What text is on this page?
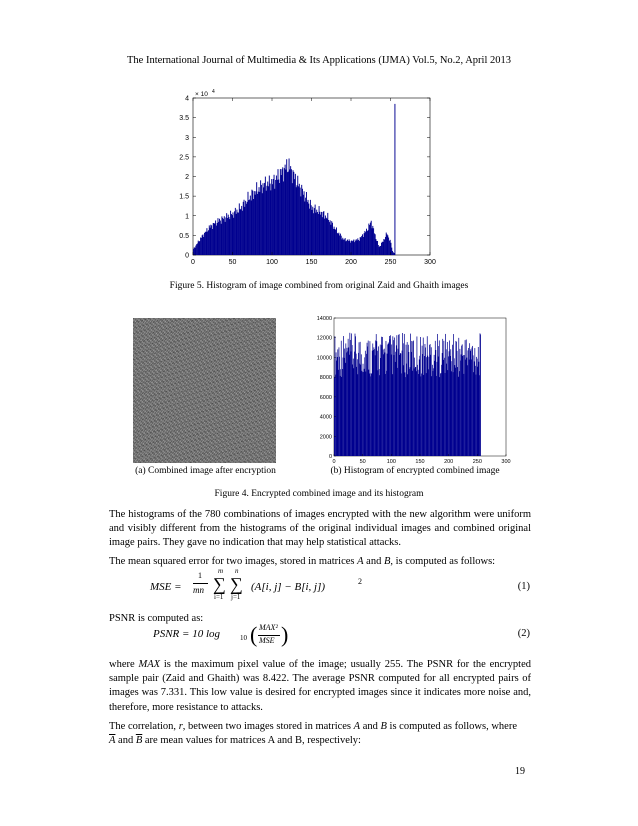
The International Journal of Multimedia & Its Applications (IJMA) Vol.5, No.2, April 2013
0	50	100	150	200	250	300
0
0.5
1
1.5
2
2.5
3
3.5
4
× 10 4
Figure 5. Histogram of image combined from original Zaid and Ghaith images
0	50	100	150	200	250	300
0
2000
4000
6000
8000
10000
12000
14000
(a) Combined image after encryption	(b) Histogram of encrypted combined image
Figure 4. Encrypted combined image and its histogram
The histograms of the 780 combinations of images encrypted with the new algorithm were uniform and visibly different from the histograms of the original individual images and combined original image pairs. They gave no indication that may help statistical attacks.
The mean squared error for two images, stored in matrices A and B, is computed as follows:
MSE =
1
mn
m
∑
i=1
n
∑
j=1
(A[i, j] − B[i, j])	2	(1)
PSNR is computed as:
PSNR = 10 log	10 ( MAX²
MSE )	(2)
where MAX is the maximum pixel value of the image; usually 255. The PSNR for the encrypted sample pair (Zaid and Ghaith) was 8.422. The average PSNR computed for all encrypted pairs of images was 7.331. This low value is desired for encrypted images since it indicates more noise and, therefore, more resistance to attacks.
The correlation, r, between two images stored in matrices A and B is computed as follows, where
$\overline{A}$ and $\overline{B}$ are mean values for matrices A and B, respectively:
19
